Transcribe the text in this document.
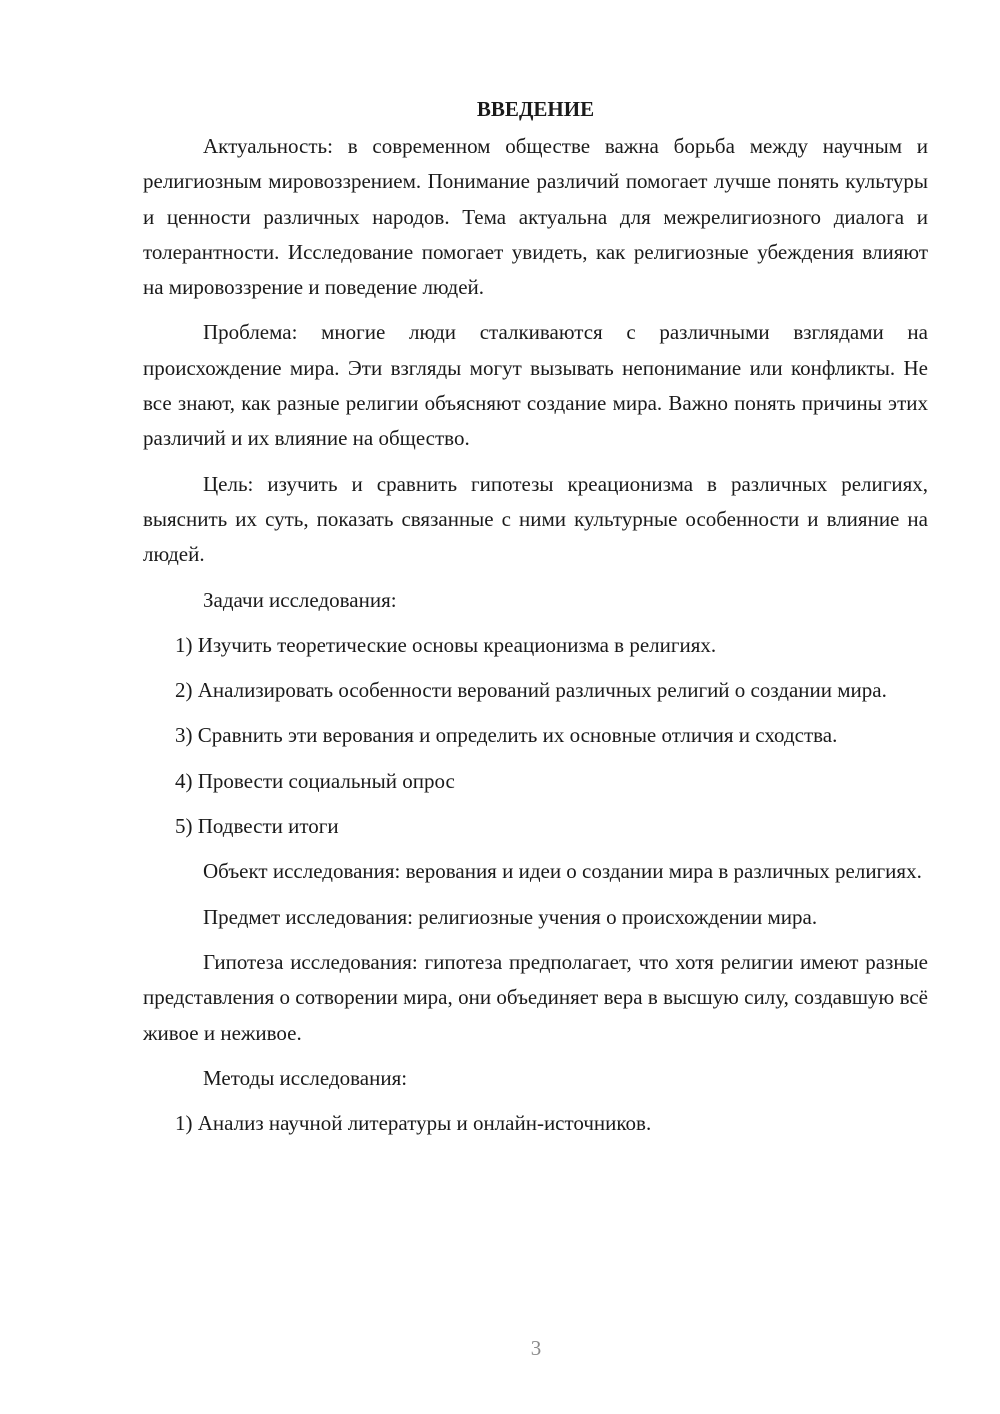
ВВЕДЕНИЕ

Актуальность: в современном обществе важна борьба между научным и религиозным мировоззрением. Понимание различий помогает лучше понять культуры и ценности различных народов. Тема актуальна для межрелигиозного диалога и толерантности. Исследование помогает увидеть, как религиозные убеждения влияют на мировоззрение и поведение людей.

Проблема: многие люди сталкиваются с различными взглядами на происхождение мира. Эти взгляды могут вызывать непонимание или конфликты. Не все знают, как разные религии объясняют создание мира. Важно понять причины этих различий и их влияние на общество.

Цель: изучить и сравнить гипотезы креационизма в различных религиях, выяснить их суть, показать связанные с ними культурные особенности и влияние на людей.

Задачи исследования:

1) Изучить теоретические основы креационизма в религиях.

2) Анализировать особенности верований различных религий о создании мира.

3) Сравнить эти верования и определить их основные отличия и сходства.

4) Провести социальный опрос

5) Подвести итоги

Объект исследования: верования и идеи о создании мира в различных религиях.

Предмет исследования: религиозные учения о происхождении мира.

Гипотеза исследования: гипотеза предполагает, что хотя религии имеют разные представления о сотворении мира, они объединяет вера в высшую силу, создавшую всё живое и неживое.

Методы исследования:

1) Анализ научной литературы и онлайн-источников.

3
